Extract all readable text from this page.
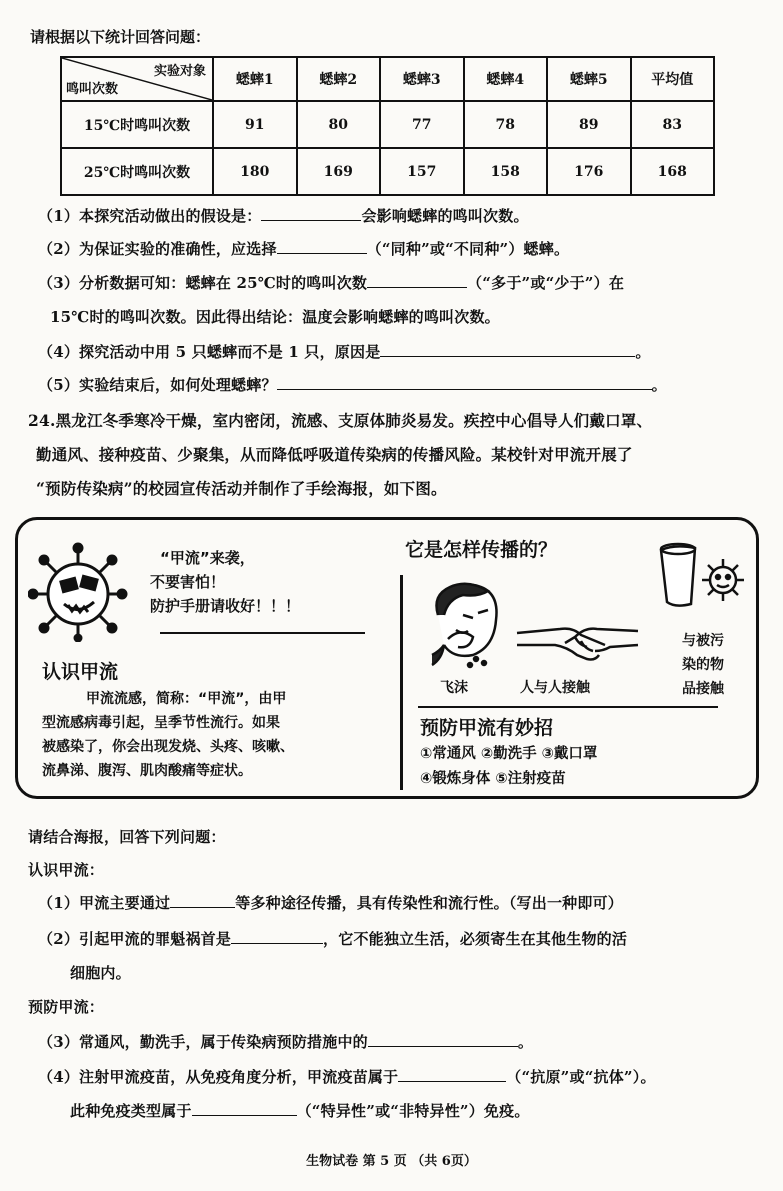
请根据以下统计回答问题：
实验对象
鸣叫次数	蟋蟀1	蟋蟀2	蟋蟀3	蟋蟀4	蟋蟀5	平均值
15℃时鸣叫次数	91	80	77	78	89	83
25℃时鸣叫次数	180	169	157	158	176	168
（1）本探究活动做出的假设是：	会影响蟋蟀的鸣叫次数。
（2）为保证实验的准确性，应选择	（“同种”或“不同种”）蟋蟀。
（3）分析数据可知：蟋蟀在 25℃时的鸣叫次数	（“多于”或“少于”）在
15℃时的鸣叫次数。因此得出结论：温度会影响蟋蟀的鸣叫次数。
（4）探究活动中用 5 只蟋蟀而不是 1 只，原因是	。
（5）实验结束后，如何处理蟋蟀？	。
24.黑龙江冬季寒冷干燥，室内密闭，流感、支原体肺炎易发。疾控中心倡导人们戴口罩、
勤通风、接种疫苗、少聚集，从而降低呼吸道传染病的传播风险。某校针对甲流开展了
“预防传染病”的校园宣传活动并制作了手绘海报，如下图。
“甲流”来袭，
不要害怕！
防护手册请收好！！！
认识甲流
甲流流感，简称：“甲流”，由甲
型流感病毒引起，呈季节性流行。如果
被感染了，你会出现发烧、头疼、咳嗽、
流鼻涕、腹泻、肌肉酸痛等症状。
它是怎样传播的？
飞沫	人与人接触
与被污
染的物
品接触
预防甲流有妙招
①常通风 ②勤洗手 ③戴口罩
④锻炼身体 ⑤注射疫苗
请结合海报，回答下列问题：
认识甲流：
（1）甲流主要通过	等多种途径传播，具有传染性和流行性。（写出一种即可）
（2）引起甲流的罪魁祸首是	，它不能独立生活，必须寄生在其他生物的活
细胞内。
预防甲流：
（3）常通风，勤洗手，属于传染病预防措施中的	。
（4）注射甲流疫苗，从免疫角度分析，甲流疫苗属于	（“抗原”或“抗体”）。
此种免疫类型属于	（“特异性”或“非特异性”）免疫。
生物试卷 第 5 页 （共 6页）
